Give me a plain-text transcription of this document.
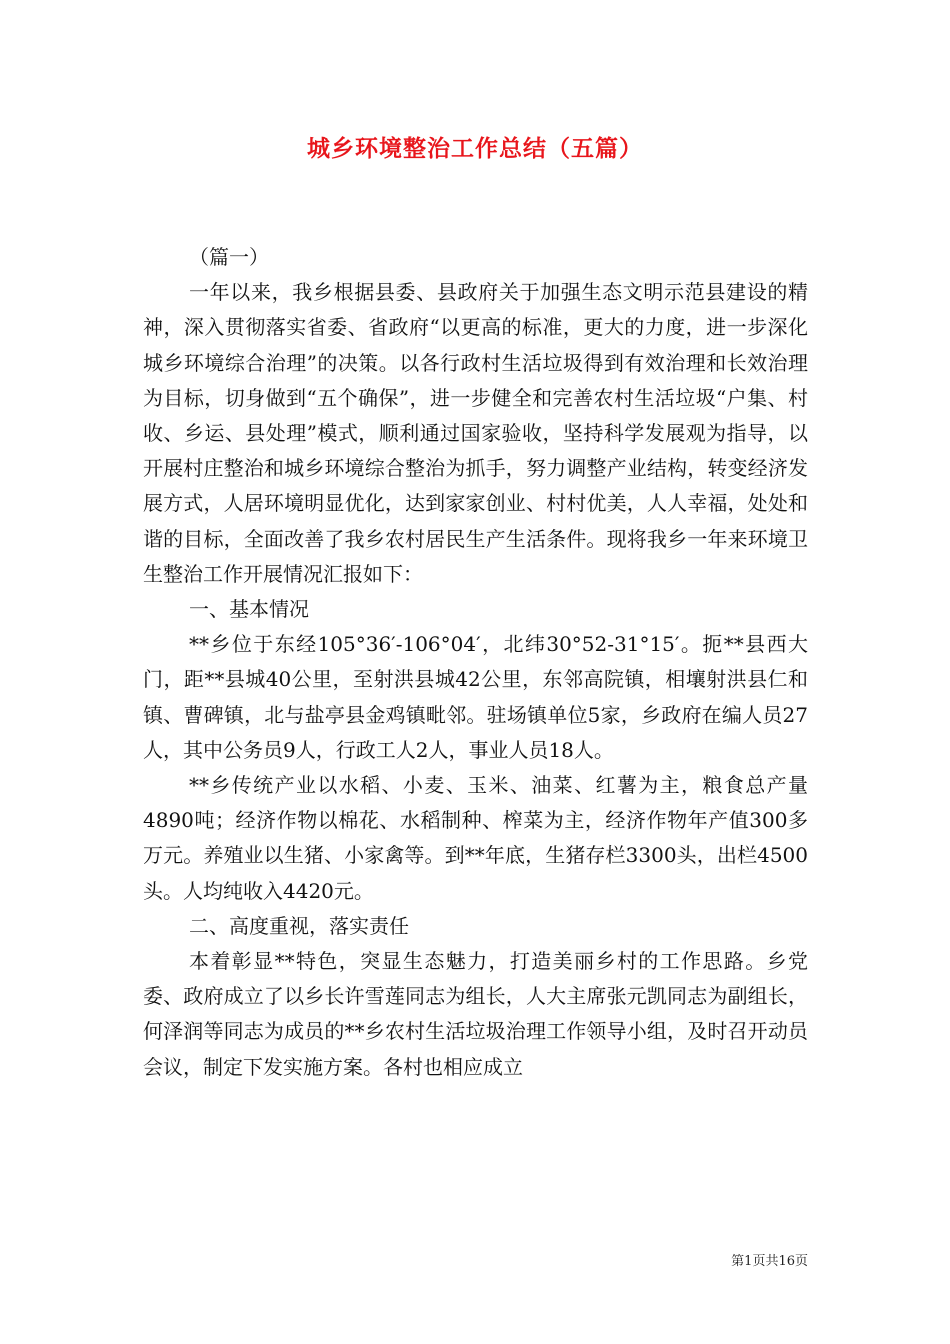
城乡环境整治工作总结（五篇）

（篇一）

一年以来，我乡根据县委、县政府关于加强生态文明示范县建设的精神，深入贯彻落实省委、省政府“以更高的标准，更大的力度，进一步深化城乡环境综合治理”的决策。以各行政村生活垃圾得到有效治理和长效治理为目标，切身做到“五个确保”，进一步健全和完善农村生活垃圾“户集、村收、乡运、县处理”模式，顺利通过国家验收，坚持科学发展观为指导，以开展村庄整治和城乡环境综合整治为抓手，努力调整产业结构，转变经济发展方式，人居环境明显优化，达到家家创业、村村优美，人人幸福，处处和谐的目标，全面改善了我乡农村居民生产生活条件。现将我乡一年来环境卫生整治工作开展情况汇报如下：

一、基本情况

**乡位于东经105°36′-106°04′，北纬30°52-31°15′。扼**县西大门，距**县城40公里，至射洪县城42公里，东邻高院镇，相壤射洪县仁和镇、曹碑镇，北与盐亭县金鸡镇毗邻。驻场镇单位5家，乡政府在编人员27人，其中公务员9人，行政工人2人，事业人员18人。

**乡传统产业以水稻、小麦、玉米、油菜、红薯为主，粮食总产量4890吨；经济作物以棉花、水稻制种、榨菜为主，经济作物年产值300多万元。养殖业以生猪、小家禽等。到**年底，生猪存栏3300头，出栏4500头。人均纯收入4420元。

二、高度重视，落实责任

本着彰显**特色，突显生态魅力，打造美丽乡村的工作思路。乡党委、政府成立了以乡长许雪莲同志为组长，人大主席张元凯同志为副组长，何泽润等同志为成员的**乡农村生活垃圾治理工作领导小组，及时召开动员会议，制定下发实施方案。各村也相应成立

第1页共16页
